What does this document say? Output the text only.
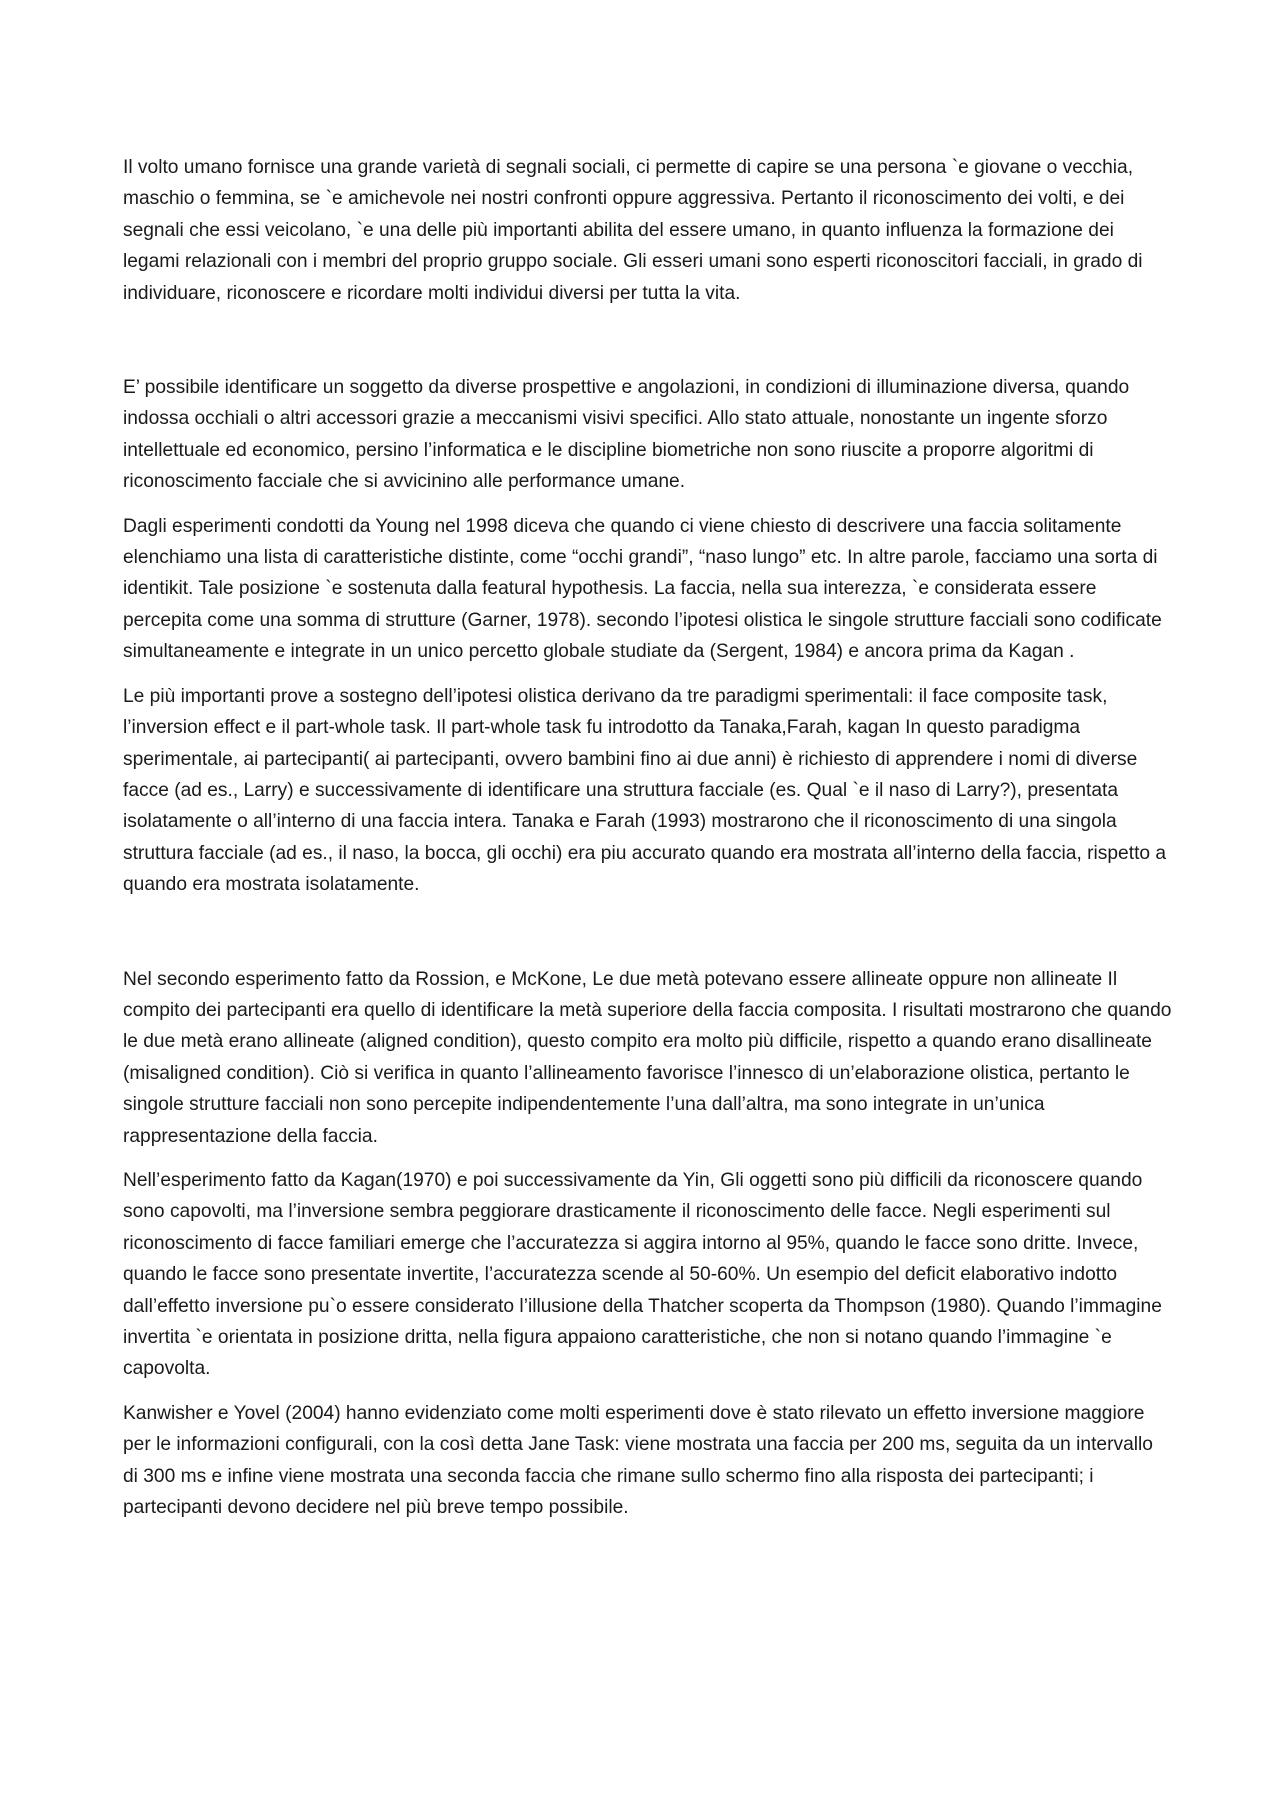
Il volto umano fornisce una grande varietà di segnali sociali, ci permette di capire se una persona `e giovane o vecchia, maschio o femmina, se `e amichevole nei nostri confronti oppure aggressiva. Pertanto il riconoscimento dei volti, e dei segnali che essi veicolano, `e una delle più importanti abilita del essere umano, in quanto influenza la formazione dei legami relazionali con i membri del proprio gruppo sociale. Gli esseri umani sono esperti riconoscitori facciali, in grado di individuare, riconoscere e ricordare molti individui diversi per tutta la vita.

E’ possibile identificare un soggetto da diverse prospettive e angolazioni, in condizioni di illuminazione diversa, quando indossa occhiali o altri accessori grazie a meccanismi visivi specifici. Allo stato attuale, nonostante un ingente sforzo intellettuale ed economico, persino l’informatica e le discipline biometriche non sono riuscite a proporre algoritmi di riconoscimento facciale che si avvicinino alle performance umane.

Dagli esperimenti condotti da Young nel 1998 diceva che quando ci viene chiesto di descrivere una faccia solitamente elenchiamo una lista di caratteristiche distinte, come “occhi grandi”, “naso lungo” etc. In altre parole, facciamo una sorta di identikit. Tale posizione `e sostenuta dalla featural hypothesis. La faccia, nella sua interezza, `e considerata essere percepita come una somma di strutture (Garner, 1978). secondo l’ipotesi olistica le singole strutture facciali sono codificate simultaneamente e integrate in un unico percetto globale studiate da (Sergent, 1984) e ancora prima da Kagan .

Le più importanti prove a sostegno dell’ipotesi olistica derivano da tre paradigmi sperimentali: il face composite task, l’inversion effect e il part-whole task. Il part-whole task fu introdotto da Tanaka,Farah, kagan In questo paradigma sperimentale, ai partecipanti( ai partecipanti, ovvero bambini fino ai due anni) è richiesto di apprendere i nomi di diverse facce (ad es., Larry) e successivamente di identificare una struttura facciale (es. Qual `e il naso di Larry?), presentata isolatamente o all’interno di una faccia intera. Tanaka e Farah (1993) mostrarono che il riconoscimento di una singola struttura facciale (ad es., il naso, la bocca, gli occhi) era piu accurato quando era mostrata all’interno della faccia, rispetto a quando era mostrata isolatamente.

Nel secondo esperimento fatto da Rossion, e McKone, Le due metà potevano essere allineate oppure non allineate Il compito dei partecipanti era quello di identificare la metà superiore della faccia composita. I risultati mostrarono che quando le due metà erano allineate (aligned condition), questo compito era molto più difficile, rispetto a quando erano disallineate (misaligned condition). Ciò si verifica in quanto l’allineamento favorisce l’innesco di un’elaborazione olistica, pertanto le singole strutture facciali non sono percepite indipendentemente l’una dall’altra, ma sono integrate in un’unica rappresentazione della faccia.

Nell’esperimento fatto da Kagan(1970) e poi successivamente da Yin, Gli oggetti sono più difficili da riconoscere quando sono capovolti, ma l’inversione sembra peggiorare drasticamente il riconoscimento delle facce. Negli esperimenti sul riconoscimento di facce familiari emerge che l’accuratezza si aggira intorno al 95%, quando le facce sono dritte. Invece, quando le facce sono presentate invertite, l’accuratezza scende al 50-60%. Un esempio del deficit elaborativo indotto dall’effetto inversione pu`o essere considerato l’illusione della Thatcher scoperta da Thompson (1980). Quando l’immagine invertita `e orientata in posizione dritta, nella figura appaiono caratteristiche, che non si notano quando l’immagine `e capovolta.

Kanwisher e Yovel (2004) hanno evidenziato come molti esperimenti dove è stato rilevato un effetto inversione maggiore per le informazioni configurali, con la così detta Jane Task: viene mostrata una faccia per 200 ms, seguita da un intervallo di 300 ms e infine viene mostrata una seconda faccia che rimane sullo schermo fino alla risposta dei partecipanti; i partecipanti devono decidere nel più breve tempo possibile.
